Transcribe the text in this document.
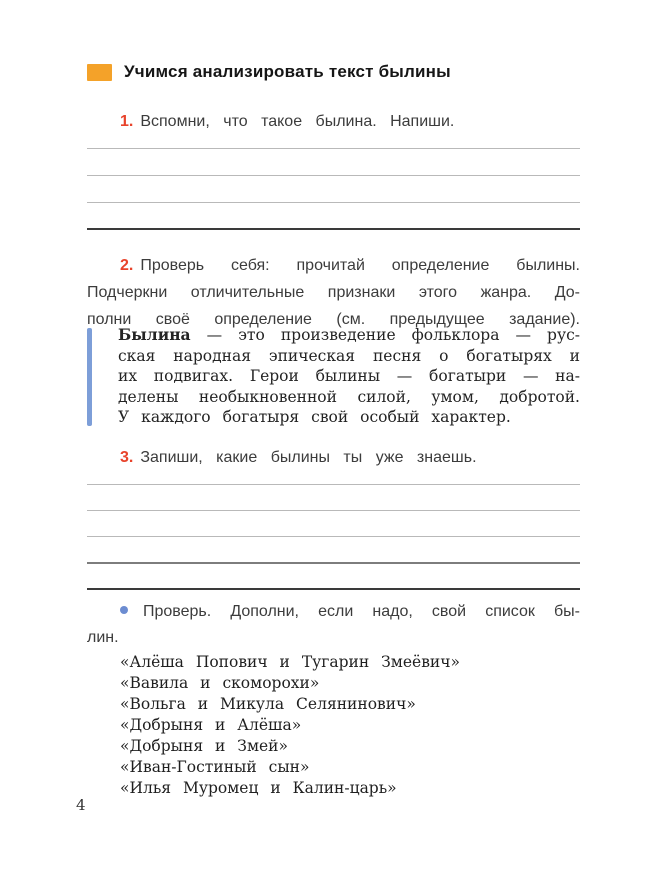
Учимся анализировать текст былины
1. Вспомни, что такое былина. Напиши.
2. Проверь себя: прочитай определение былины.
Подчеркни отличительные признаки этого жанра. До-
полни своё определение (см. предыдущее задание).
Былина — это произведение фольклора — рус-
ская народная эпическая песня о богатырях и
их подвигах. Герои былины — богатыри — на-
делены необыкновенной силой, умом, добротой.
У каждого богатыря свой особый характер.
3. Запиши, какие былины ты уже знаешь.
Проверь. Дополни, если надо, свой список бы-
лин.
«Алёша Попович и Тугарин Змеёвич»
«Вавила и скоморохи»
«Вольга и Микула Селянинович»
«Добрыня и Алёша»
«Добрыня и Змей»
«Иван-Гостиный сын»
«Илья Муромец и Калин-царь»
4
